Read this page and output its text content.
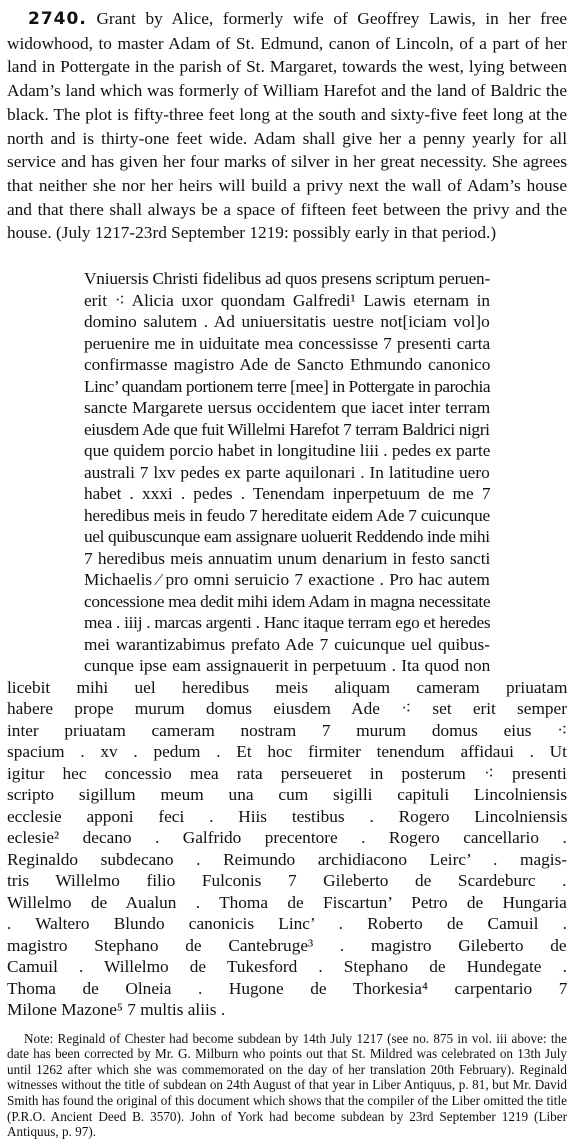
2740. Grant by Alice, formerly wife of Geoffrey Lawis, in her free widowhood, to master Adam of St. Edmund, canon of Lincoln, of a part of her land in Pottergate in the parish of St. Margaret, towards the west, lying between Adam’s land which was formerly of William Harefot and the land of Baldric the black. The plot is fifty-three feet long at the south and sixty-five feet long at the north and is thirty-one feet wide. Adam shall give her a penny yearly for all service and has given her four marks of silver in her great necessity. She agrees that neither she nor her heirs will build a privy next the wall of Adam’s house and that there shall always be a space of fifteen feet between the privy and the house. (July 1217-23rd September 1219: possibly early in that period.)

Vniuersis Christi fidelibus ad quos presens scriptum peruen-
erit ⁖ Alicia uxor quondam Galfredi¹ Lawis eternam in
domino salutem . Ad uniuersitatis uestre not[iciam vol]o
peruenire me in uiduitate mea concessisse 7 presenti carta
confirmasse magistro Ade de Sancto Ethmundo canonico
Linc’ quandam portionem terre [mee] in Pottergate in parochia
sancte Margarete uersus occidentem que iacet inter terram
eiusdem Ade que fuit Willelmi Harefot 7 terram Baldrici nigri
que quidem porcio habet in longitudine liii . pedes ex parte
australi 7 lxv pedes ex parte aquilonari . In latitudine uero
habet . xxxi . pedes . Tenendam inperpetuum de me 7
heredibus meis in feudo 7 hereditate eidem Ade 7 cuicunque
uel quibuscunque eam assignare uoluerit Reddendo inde mihi
7 heredibus meis annuatim unum denarium in festo sancti
Michaelis ⁄ pro omni seruicio 7 exactione . Pro hac autem
concessione mea dedit mihi idem Adam in magna necessitate
mea . iiij . marcas argenti . Hanc itaque terram ego et heredes
mei warantizabimus prefato Ade 7 cuicunque uel quibus-
cunque ipse eam assignauerit in perpetuum . Ita quod non
licebit mihi uel heredibus meis aliquam cameram priuatam
habere prope murum domus eiusdem Ade ⁖ set erit semper
inter priuatam cameram nostram 7 murum domus eius ⁖
spacium . xv . pedum . Et hoc firmiter tenendum affidaui . Ut
igitur hec concessio mea rata perseueret in posterum ⁖ presenti
scripto sigillum meum una cum sigilli capituli Lincolniensis
ecclesie apponi feci . Hiis testibus . Rogero Lincolniensis
eclesie² decano . Galfrido precentore . Rogero cancellario .
Reginaldo subdecano . Reimundo archidiacono Leirc’ . magis-
tris Willelmo filio Fulconis 7 Gileberto de Scardeburc .
Willelmo de Aualun . Thoma de Fiscartun’ Petro de Hungaria
. Waltero Blundo canonicis Linc’ . Roberto de Camuil .
magistro Stephano de Cantebruge³ . magistro Gileberto de
Camuil . Willelmo de Tukesford . Stephano de Hundegate .
Thoma de Olneia . Hugone de Thorkesia⁴ carpentario 7
Milone Mazone⁵ 7 multis aliis .

Note: Reginald of Chester had become subdean by 14th July 1217 (see no. 875 in vol. iii above: the date has been corrected by Mr. G. Milburn who points out that St. Mildred was celebrated on 13th July until 1262 after which she was commemorated on the day of her translation 20th February). Reginald witnesses without the title of subdean on 24th August of that year in Liber Antiquus, p. 81, but Mr. David Smith has found the original of this document which shows that the compiler of the Liber omitted the title (P.R.O. Ancient Deed B. 3570). John of York had become subdean by 23rd September 1219 (Liber Antiquus, p. 97).
